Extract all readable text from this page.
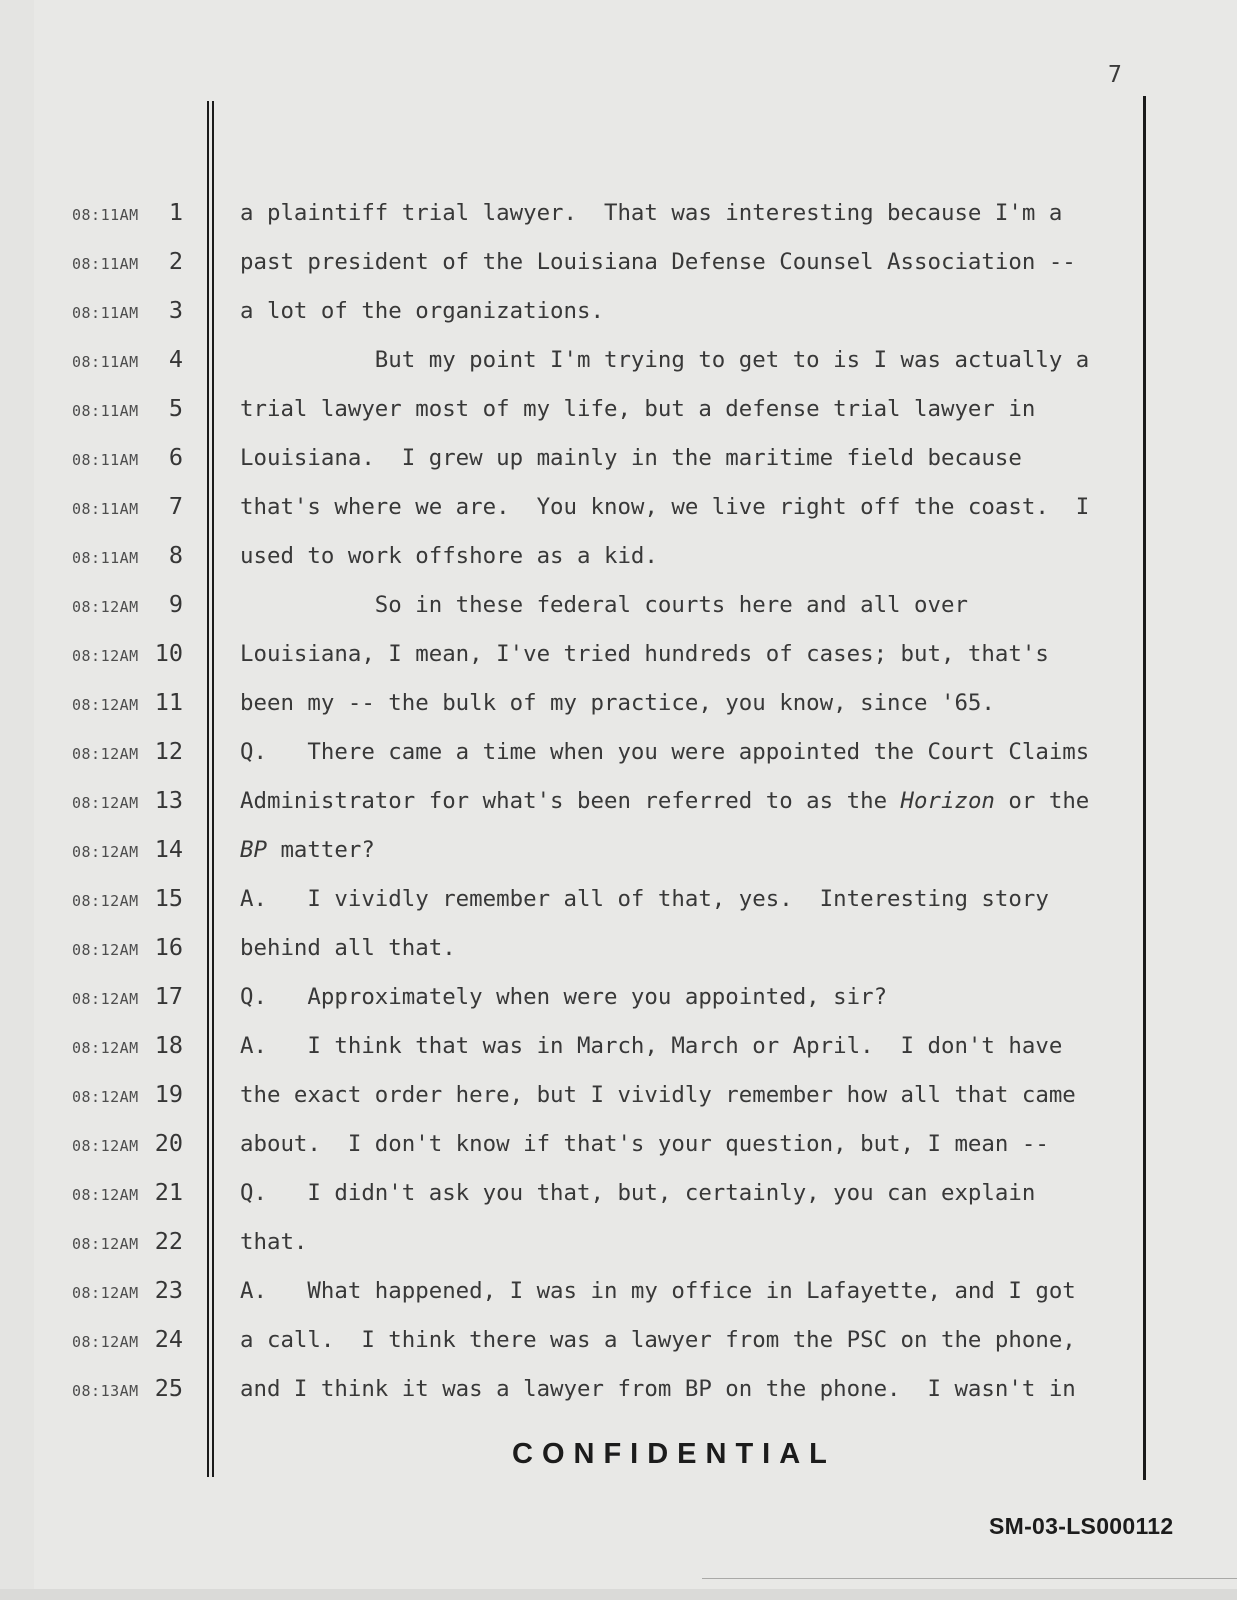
7
08:11AM 1	a plaintiff trial lawyer.  That was interesting because I'm a
08:11AM 2	past president of the Louisiana Defense Counsel Association --
08:11AM 3	a lot of the organizations.
08:11AM 4	But my point I'm trying to get to is I was actually a
08:11AM 5	trial lawyer most of my life, but a defense trial lawyer in
08:11AM 6	Louisiana.  I grew up mainly in the maritime field because
08:11AM 7	that's where we are.  You know, we live right off the coast.  I
08:11AM 8	used to work offshore as a kid.
08:12AM 9	So in these federal courts here and all over
08:12AM 10	Louisiana, I mean, I've tried hundreds of cases; but, that's
08:12AM 11	been my -- the bulk of my practice, you know, since '65.
08:12AM 12	Q.   There came a time when you were appointed the Court Claims
08:12AM 13	Administrator for what's been referred to as the Horizon or the
08:12AM 14	BP matter?
08:12AM 15	A.   I vividly remember all of that, yes.  Interesting story
08:12AM 16	behind all that.
08:12AM 17	Q.   Approximately when were you appointed, sir?
08:12AM 18	A.   I think that was in March, March or April.  I don't have
08:12AM 19	the exact order here, but I vividly remember how all that came
08:12AM 20	about.  I don't know if that's your question, but, I mean --
08:12AM 21	Q.   I didn't ask you that, but, certainly, you can explain
08:12AM 22	that.
08:12AM 23	A.   What happened, I was in my office in Lafayette, and I got
08:12AM 24	a call.  I think there was a lawyer from the PSC on the phone,
08:13AM 25	and I think it was a lawyer from BP on the phone.  I wasn't in
CONFIDENTIAL
SM-03-LS000112
